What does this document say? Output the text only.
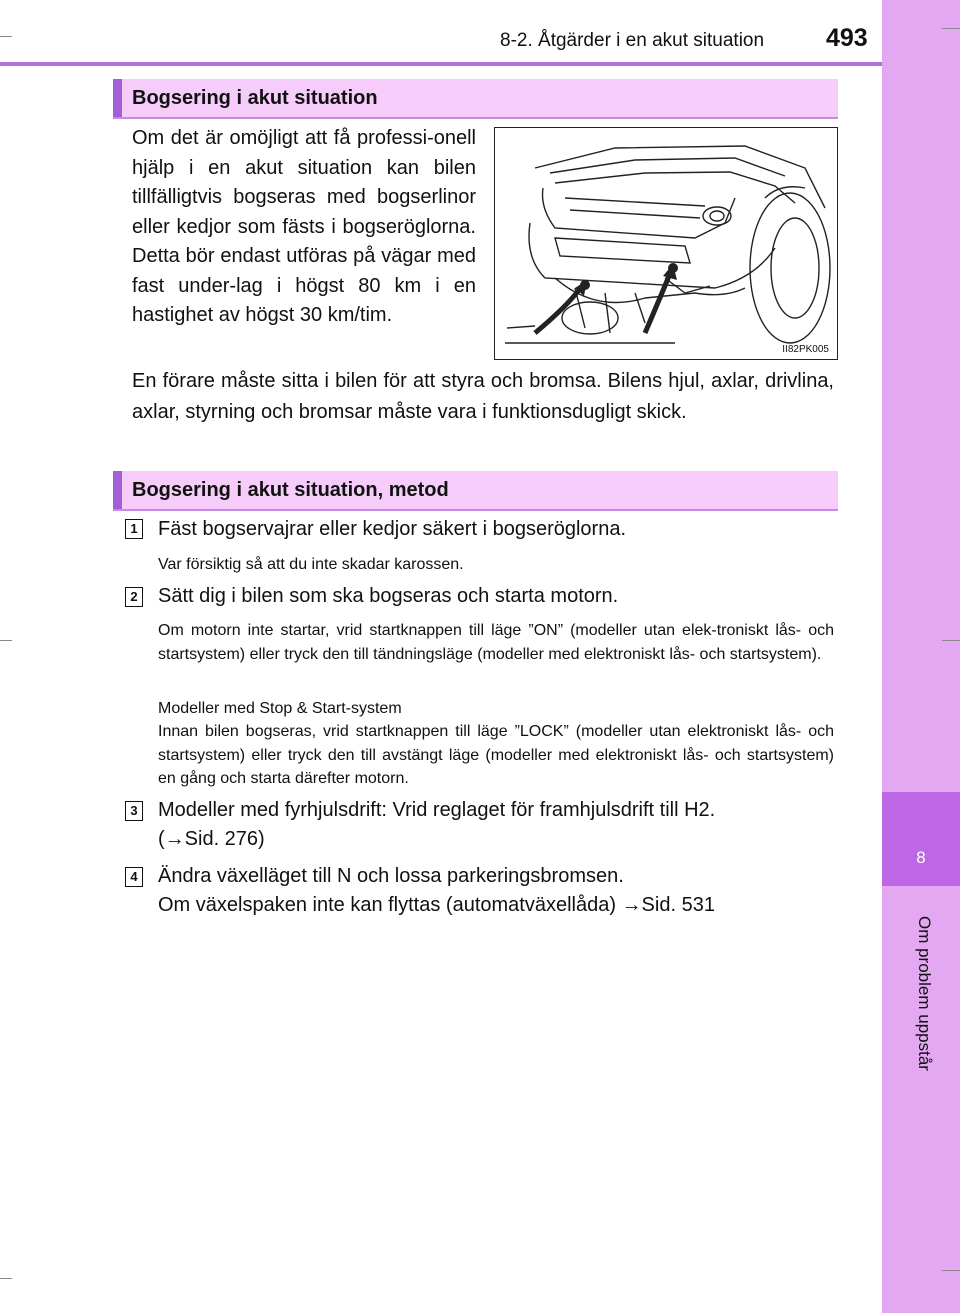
8-2. Åtgärder i en akut situation 493
8
Om problem uppstår
Bogsering i akut situation
Om det är omöjligt att få professi-onell hjälp i en akut situation kan bilen tillfälligtvis bogseras med bogserlinor eller kedjor som fästs i bogseröglorna. Detta bör endast utföras på vägar med fast under-lag i högst 80 km i en hastighet av högst 30 km/tim.
II82PK005
En förare måste sitta i bilen för att styra och bromsa. Bilens hjul, axlar, drivlina, axlar, styrning och bromsar måste vara i funktionsdugligt skick.
Bogsering i akut situation, metod
1 Fäst bogservajrar eller kedjor säkert i bogseröglorna.
Var försiktig så att du inte skadar karossen.
2 Sätt dig i bilen som ska bogseras och starta motorn.
Om motorn inte startar, vrid startknappen till läge ”ON” (modeller utan elek-troniskt lås- och startsystem) eller tryck den till tändningsläge (modeller med elektroniskt lås- och startsystem).
Modeller med Stop & Start-system
Innan bilen bogseras, vrid startknappen till läge ”LOCK” (modeller utan elektroniskt lås- och startsystem) eller tryck den till avstängt läge (modeller med elektroniskt lås- och startsystem) en gång och starta därefter motorn.
3 Modeller med fyrhjulsdrift: Vrid reglaget för framhjulsdrift till H2.
(→Sid. 276)
4 Ändra växelläget till N och lossa parkeringsbromsen.
Om växelspaken inte kan flyttas (automatväxellåda) →Sid. 531
